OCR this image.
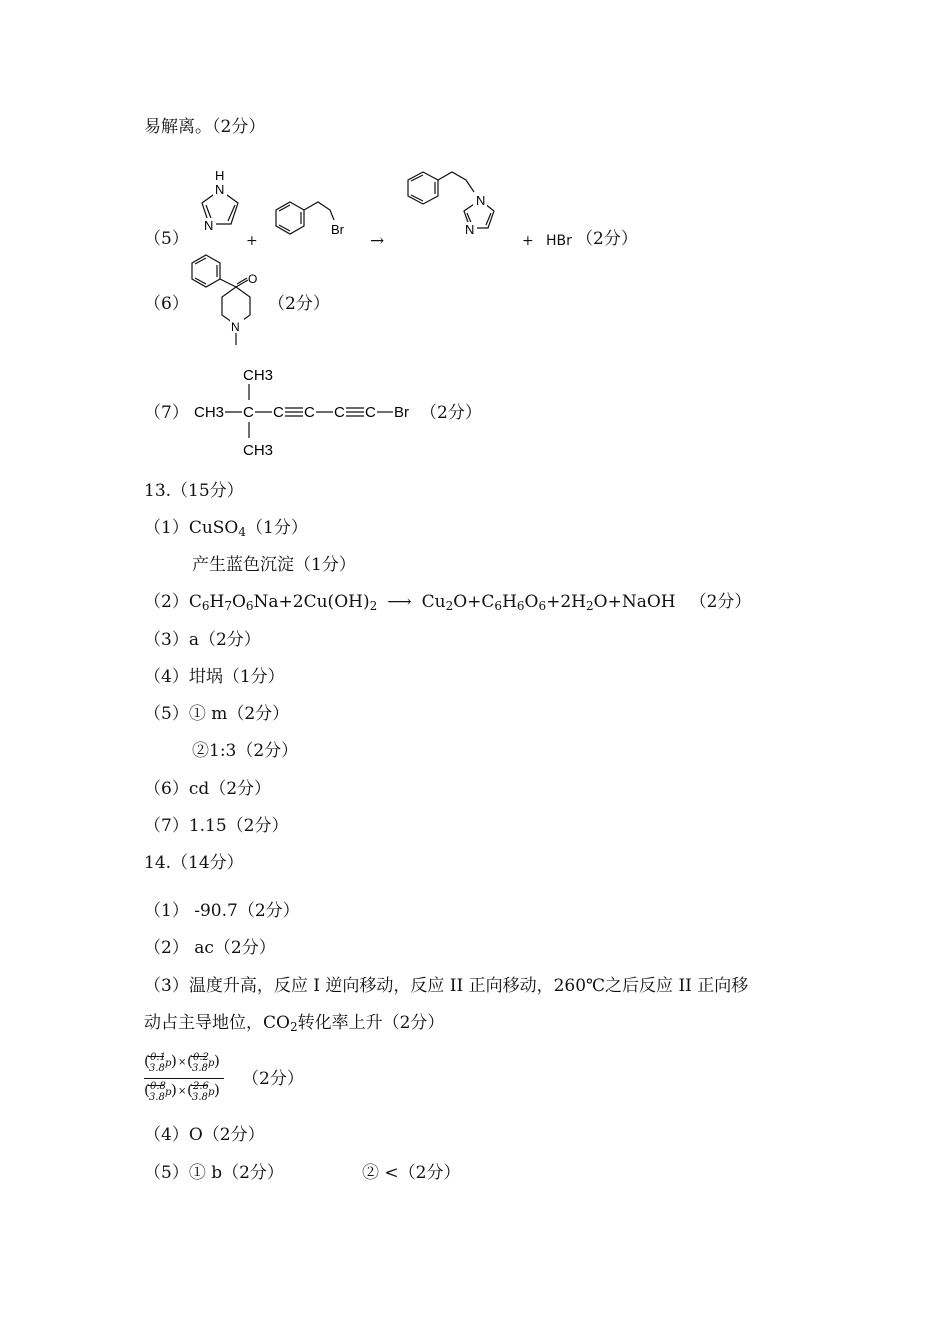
易解离。（2分）
（5）
H
N
N
+
Br
→
N
N
+ HBr （2分）
（6）
O
N
（2分）
（7）
CH3
CH3 C
CH3
C C C C Br （2分）
13.（15分）
（1）CuSO$_4$（1分）
产生蓝色沉淀（1分）
$(2)C_6H_7O_6Na+2Cu(OH)_2$ ⟶ $Cu_2O+C_6H_6O_6+2H_2O+NaOH$ （2分）
（3）a（2分）
（4）坩埚（1分）
（5）① m（2分）
②1:3（2分）
（6）cd（2分）
（7）1.15（2分）
14.（14分）
（1） -90.7（2分）
（2） ac（2分）
（3）温度升高，反应 I 逆向移动，反应 II 正向移动，260℃之后反应 II 正向移
动占主导地位，$CO_2$转化率上升（2分）
( 0.1
3.8 p ) × ( 0.2
3.8 p )
( 0.8
3.8 p ) × ( 2.6
3.8 p )
（2分）
（4）O（2分）
（5）① b（2分）	② <（2分）
